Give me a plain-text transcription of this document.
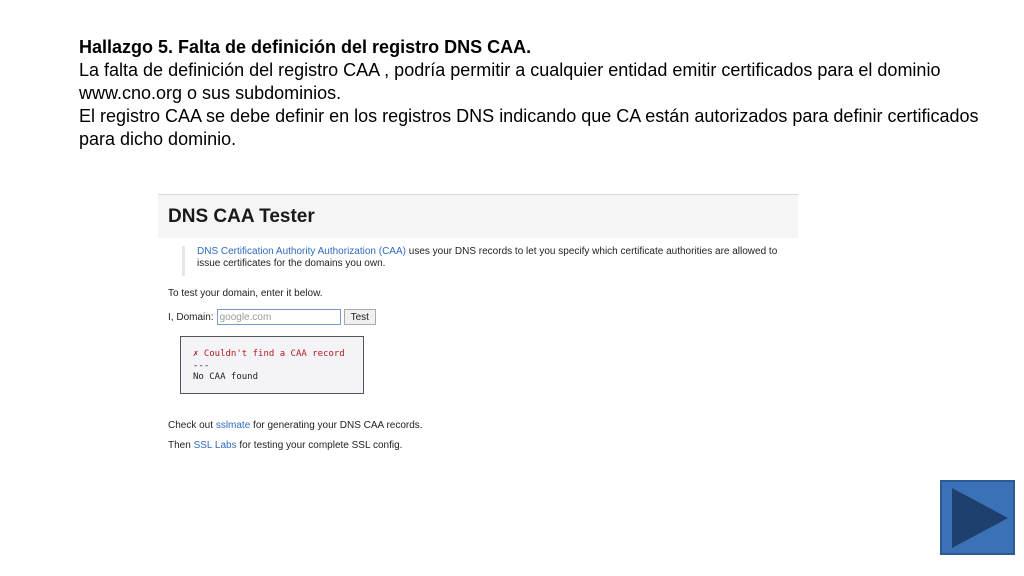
Hallazgo 5. Falta de definición del registro DNS CAA.

La falta de definición del registro CAA , podría permitir a cualquier entidad emitir certificados para el dominio www.cno.org o sus subdominios.

El registro CAA se debe definir en los registros DNS indicando que CA están autorizados para definir certificados para dicho dominio.

DNS CAA Tester
DNS Certification Authority Authorization (CAA) uses your DNS records to let you specify which certificate authorities are allowed to issue certificates for the domains you own.
To test your domain, enter it below.
I,
Domain:
google.com	Test
✗ Couldn't find a CAA record
---
No CAA found
Check out sslmate for generating your DNS CAA records.
Then SSL Labs for testing your complete SSL config.
